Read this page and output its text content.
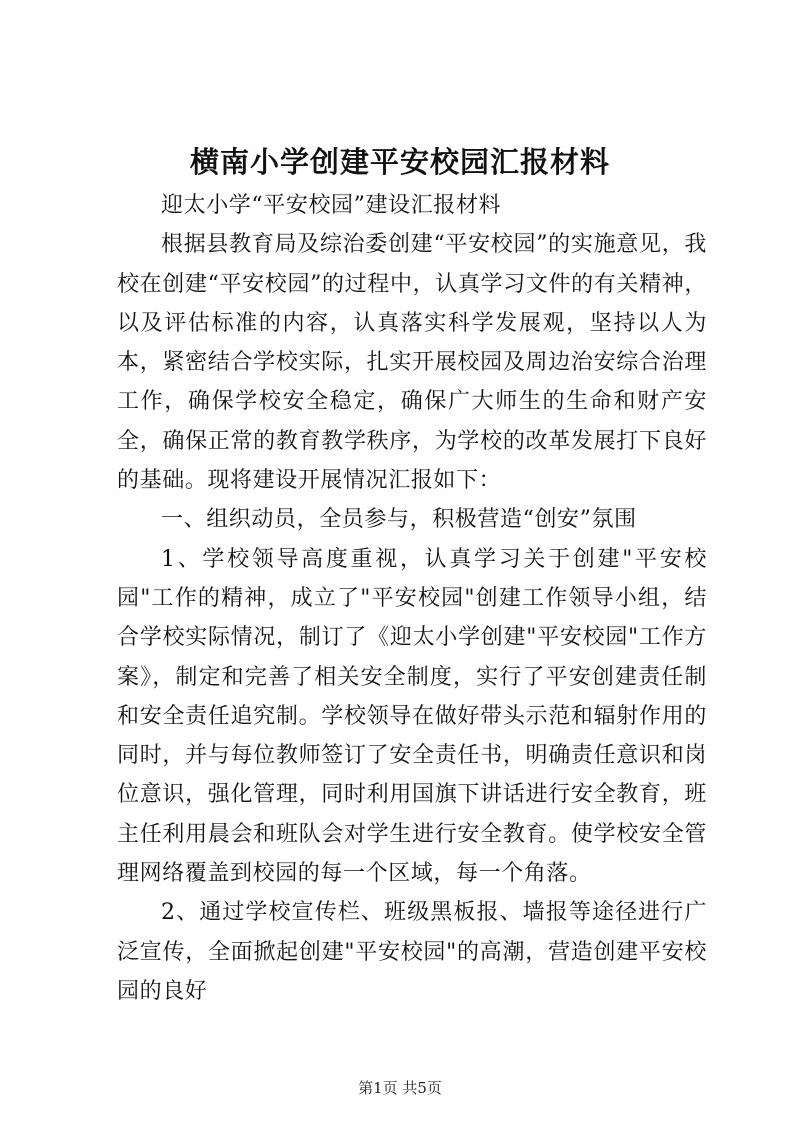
横南小学创建平安校园汇报材料

迎太小学“平安校园”建设汇报材料

根据县教育局及综治委创建“平安校园”的实施意见，我校在创建“平安校园”的过程中，认真学习文件的有关精神，以及评估标准的内容，认真落实科学发展观，坚持以人为本，紧密结合学校实际，扎实开展校园及周边治安综合治理工作，确保学校安全稳定，确保广大师生的生命和财产安全，确保正常的教育教学秩序，为学校的改革发展打下良好的基础。现将建设开展情况汇报如下：

一、组织动员，全员参与，积极营造“创安”氛围

1、学校领导高度重视，认真学习关于创建"平安校园"工作的精神，成立了"平安校园"创建工作领导小组，结合学校实际情况，制订了《迎太小学创建"平安校园"工作方案》，制定和完善了相关安全制度，实行了平安创建责任制和安全责任追究制。学校领导在做好带头示范和辐射作用的同时，并与每位教师签订了安全责任书，明确责任意识和岗位意识，强化管理，同时利用国旗下讲话进行安全教育，班主任利用晨会和班队会对学生进行安全教育。使学校安全管理网络覆盖到校园的每一个区域，每一个角落。

2、通过学校宣传栏、班级黑板报、墙报等途径进行广泛宣传，全面掀起创建"平安校园"的高潮，营造创建平安校园的良好

第1页 共5页
